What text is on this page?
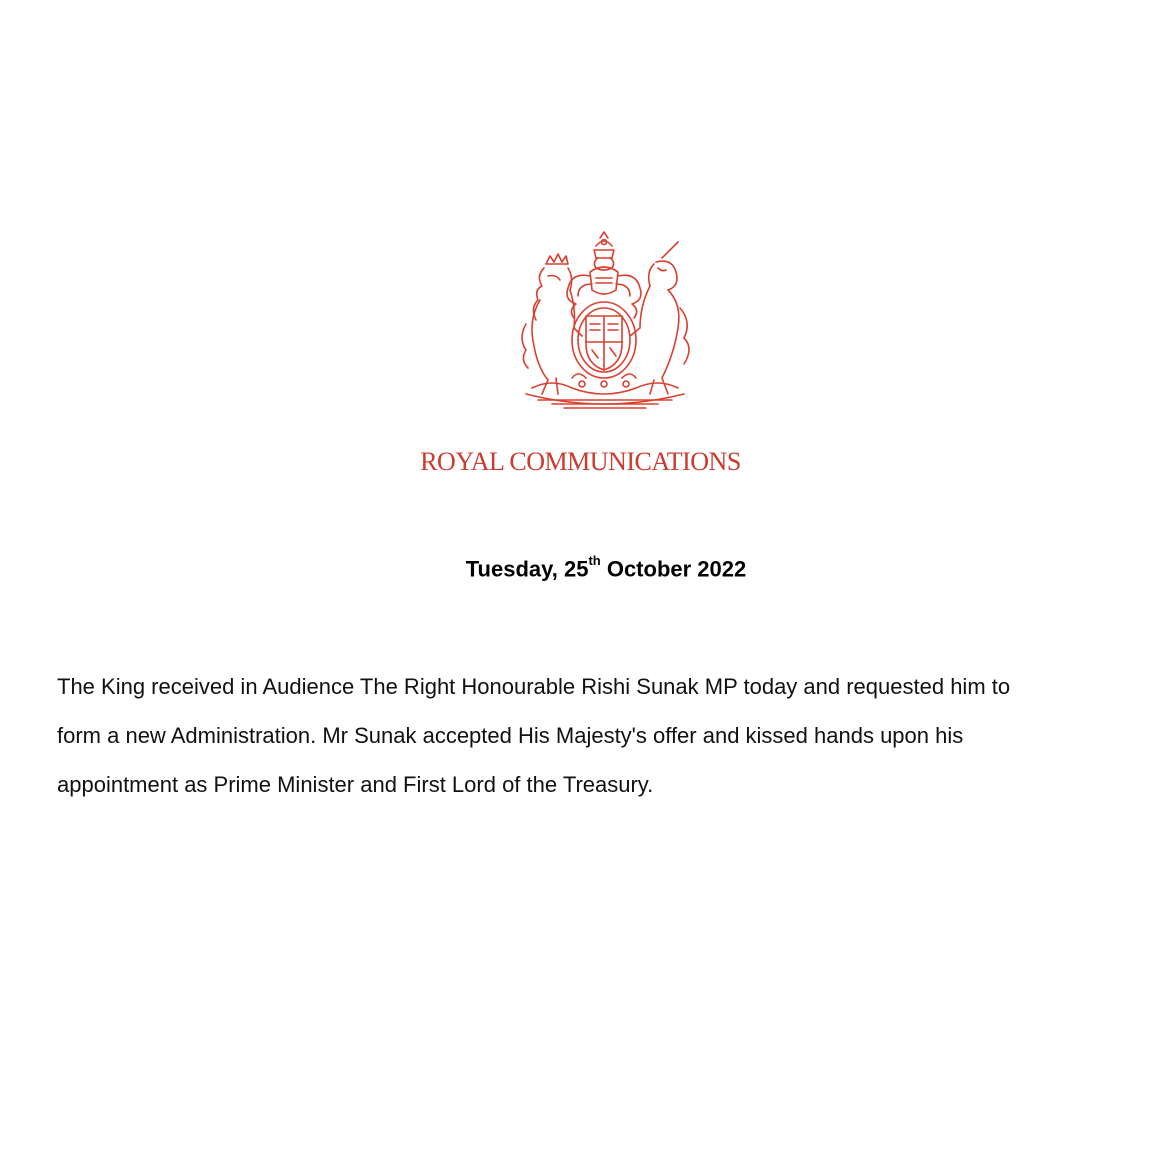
ROYAL COMMUNICATIONS
Tuesday, 25th October 2022
The King received in Audience The Right Honourable Rishi Sunak MP today and requested him to
form a new Administration. Mr Sunak accepted His Majesty's offer and kissed hands upon his
appointment as Prime Minister and First Lord of the Treasury.
